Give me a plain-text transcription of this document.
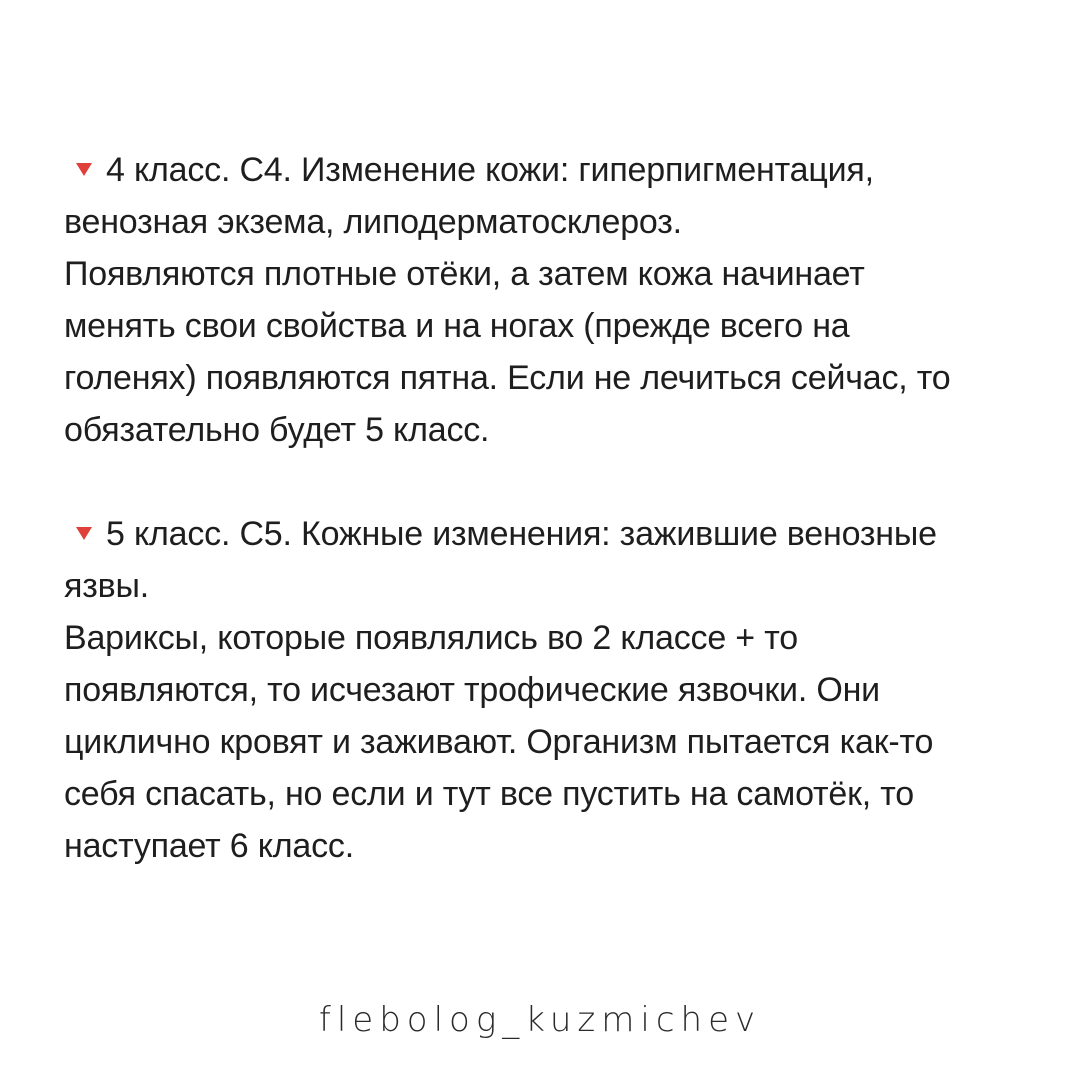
4 класс. С4. Изменение кожи: гиперпигментация,
венозная экзема, липодерматосклероз.
Появляются плотные отёки, а затем кожа начинает
менять свои свойства и на ногах (прежде всего на
голенях) появляются пятна. Если не лечиться сейчас, то
обязательно будет 5 класс.

5 класс. С5. Кожные изменения: зажившие венозные
язвы.
Вариксы, которые появлялись во 2 классе + то
появляются, то исчезают трофические язвочки. Они
циклично кровят и заживают. Организм пытается как-то
себя спасать, но если и тут все пустить на самотёк, то
наступает 6 класс.

flebolog_kuzmichev
